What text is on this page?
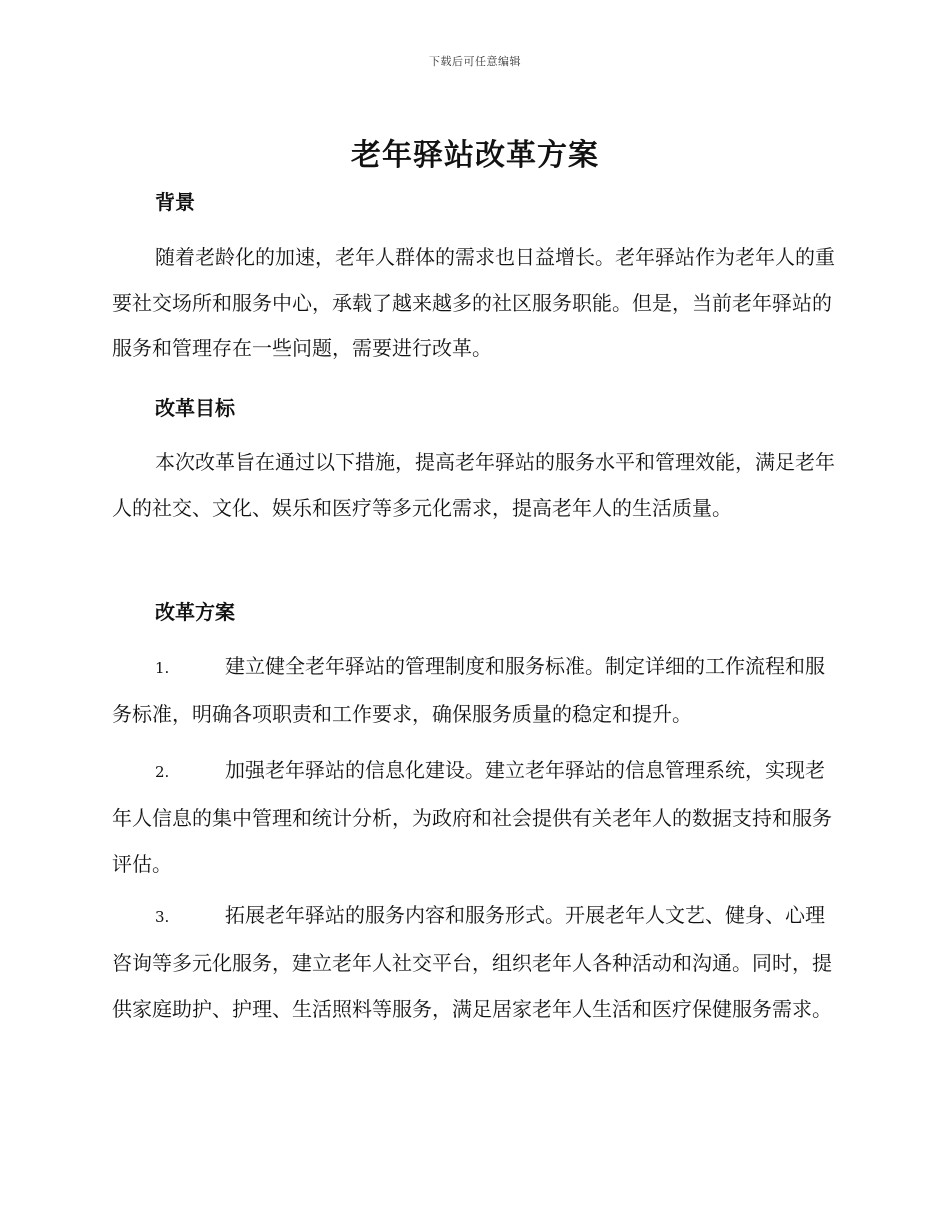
下载后可任意编辑
老年驿站改革方案
背景

随着老龄化的加速，老年人群体的需求也日益增长。老年驿站作为老年人的重要社交场所和服务中心，承载了越来越多的社区服务职能。但是，当前老年驿站的服务和管理存在一些问题，需要进行改革。

改革目标

本次改革旨在通过以下措施，提高老年驿站的服务水平和管理效能，满足老年人的社交、文化、娱乐和医疗等多元化需求，提高老年人的生活质量。

改革方案

1.	建立健全老年驿站的管理制度和服务标准。制定详细的工作流程和服务标准，明确各项职责和工作要求，确保服务质量的稳定和提升。

2.	加强老年驿站的信息化建设。建立老年驿站的信息管理系统，实现老年人信息的集中管理和统计分析，为政府和社会提供有关老年人的数据支持和服务评估。

3.	拓展老年驿站的服务内容和服务形式。开展老年人文艺、健身、心理咨询等多元化服务，建立老年人社交平台，组织老年人各种活动和沟通。同时，提供家庭助护、护理、生活照料等服务，满足居家老年人生活和医疗保健服务需求。
